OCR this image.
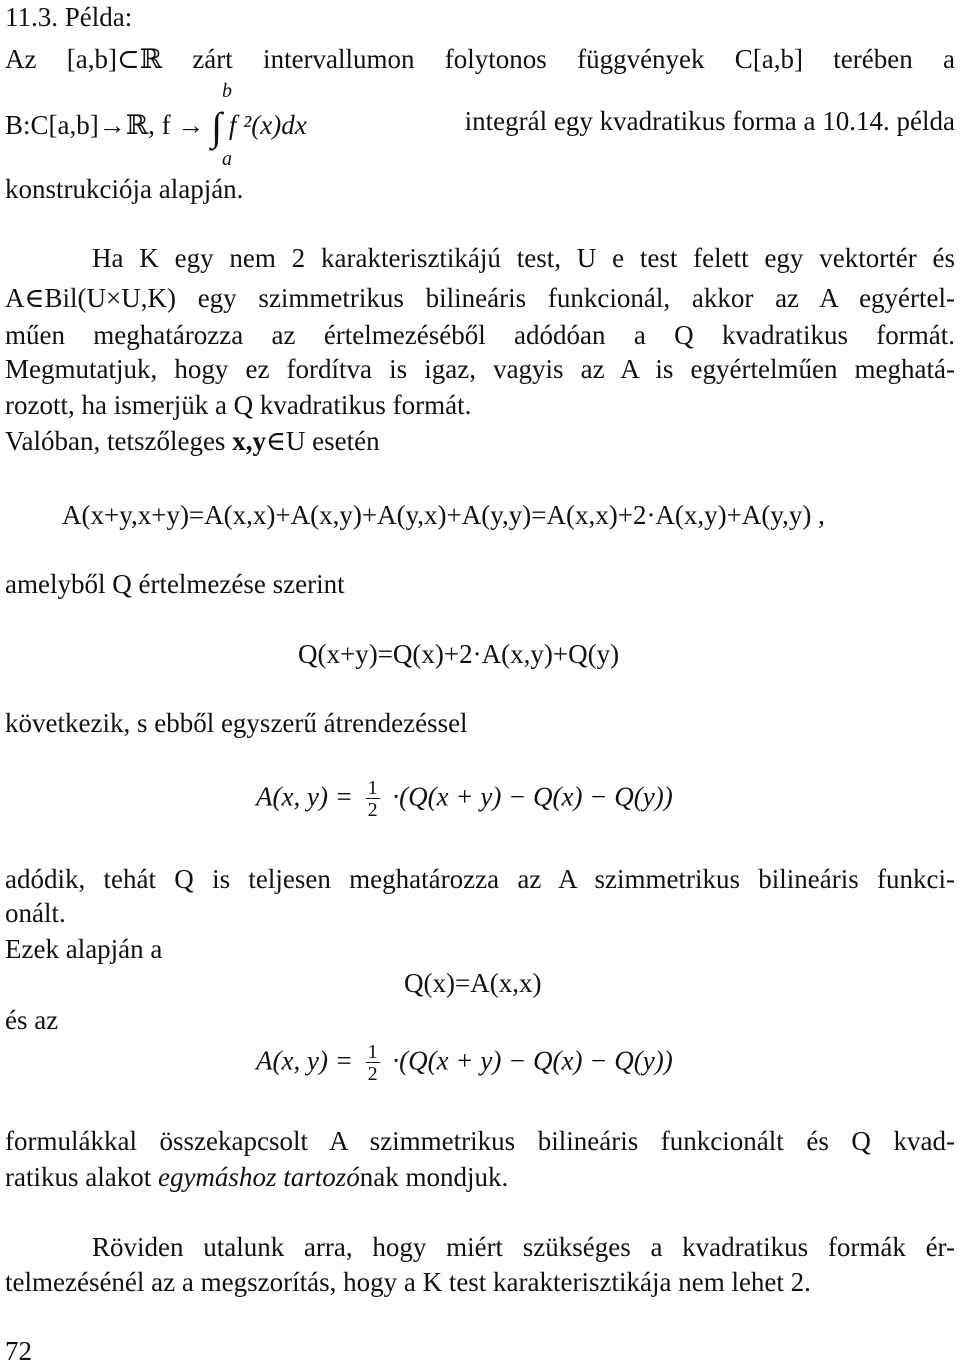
11.3. Példa:
Az [a,b]⊂ℝ zárt intervallumon folytonos függvények C[a,b] terében a
b
B:C[a,b]→ℝ, f → ∫ f ²(x)dx	integrál egy kvadratikus forma a 10.14. példa
a
konstrukciója alapján.
Ha K egy nem 2 karakterisztikájú test, U e test felett egy vektortér és
A∈Bil(U×U,K) egy szimmetrikus bilineáris funkcionál, akkor az A egyértel-
műen meghatározza az értelmezéséből adódóan a Q kvadratikus formát.
Megmutatjuk, hogy ez fordítva is igaz, vagyis az A is egyértelműen meghatá-
rozott, ha ismerjük a Q kvadratikus formát.
Valóban, tetszőleges x,y∈U esetén
A(x+y,x+y)=A(x,x)+A(x,y)+A(y,x)+A(y,y)=A(x,x)+2·A(x,y)+A(y,y) ,
amelyből Q értelmezése szerint
Q(x+y)=Q(x)+2·A(x,y)+Q(y)
következik, s ebből egyszerű átrendezéssel
A(x, $y) = \frac{1}{2} \cdot(Q(x + y) - Q(x) - Q(y))$
adódik, tehát Q is teljesen meghatározza az A szimmetrikus bilineáris funkci-
onált.
Ezek alapján a
Q(x)=A(x,x)
és az
A(x, $y) = \frac{1}{2} \cdot(Q(x + y) - Q(x) - Q(y))$
formulákkal összekapcsolt A szimmetrikus bilineáris funkcionált és Q kvad-
ratikus alakot egymáshoz tartozónak mondjuk.
Röviden utalunk arra, hogy miért szükséges a kvadratikus formák ér-
telmezésénél az a megszorítás, hogy a K test karakterisztikája nem lehet 2.
72
